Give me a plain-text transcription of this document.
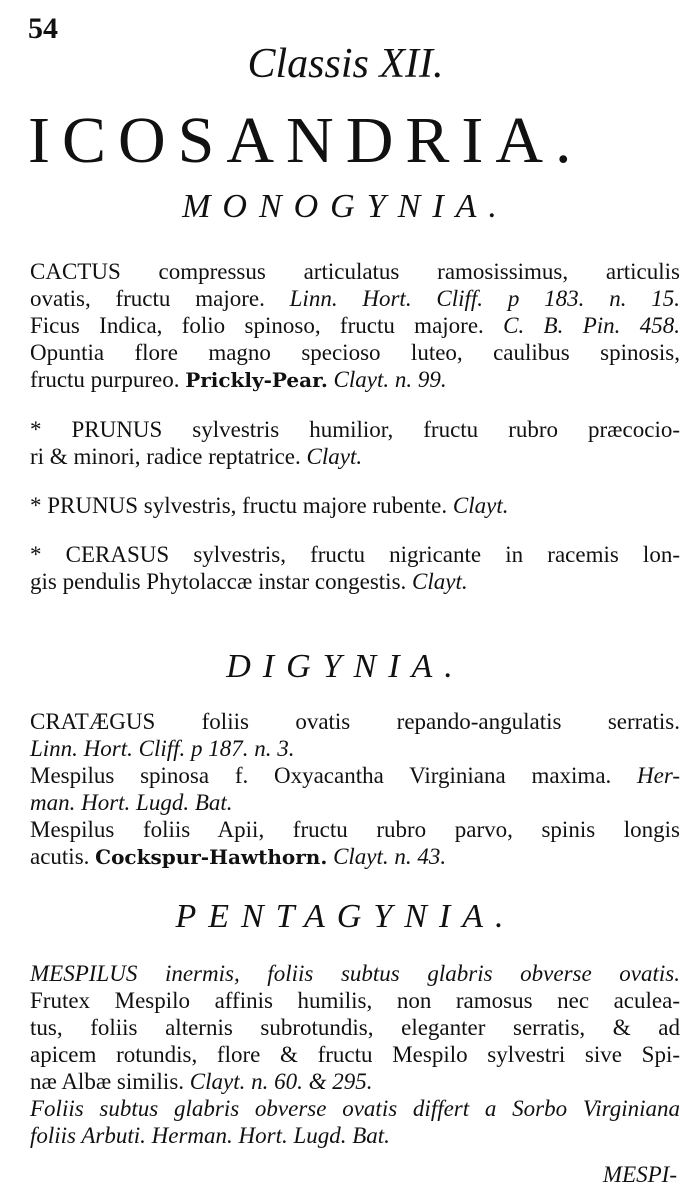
54
Classis XII.
ICOSANDRIA.
MONOGYNIA.
CACTUS compressus articulatus ramosissimus, articulis
ovatis, fructu majore. Linn. Hort. Cliff. p 183. n. 15.
Ficus Indica, folio spinoso, fructu majore. C. B. Pin. 458.
Opuntia flore magno specioso luteo, caulibus spinosis,
fructu purpureo. Prickly-Pear. Clayt. n. 99.
* PRUNUS sylvestris humilior, fructu rubro præcocio-
ri & minori, radice reptatrice. Clayt.
* PRUNUS sylvestris, fructu majore rubente. Clayt.
* CERASUS sylvestris, fructu nigricante in racemis lon-
gis pendulis Phytolaccæ instar congestis. Clayt.
DIGYNIA.
CRATÆGUS foliis ovatis repando-angulatis serratis.
Linn. Hort. Cliff. p 187. n. 3.
Mespilus spinosa f. Oxyacantha Virginiana maxima. Her-
man. Hort. Lugd. Bat.
Mespilus foliis Apii, fructu rubro parvo, spinis longis
acutis. Cockspur-Hawthorn. Clayt. n. 43.
PENTAGYNIA.
MESPILUS inermis, foliis subtus glabris obverse ovatis.
Frutex Mespilo affinis humilis, non ramosus nec aculea-
tus, foliis alternis subrotundis, eleganter serratis, & ad
apicem rotundis, flore & fructu Mespilo sylvestri sive Spi-
næ Albæ similis. Clayt. n. 60. & 295.
Foliis subtus glabris obverse ovatis differt a Sorbo Virginiana
foliis Arbuti. Herman. Hort. Lugd. Bat.
MESPI-
